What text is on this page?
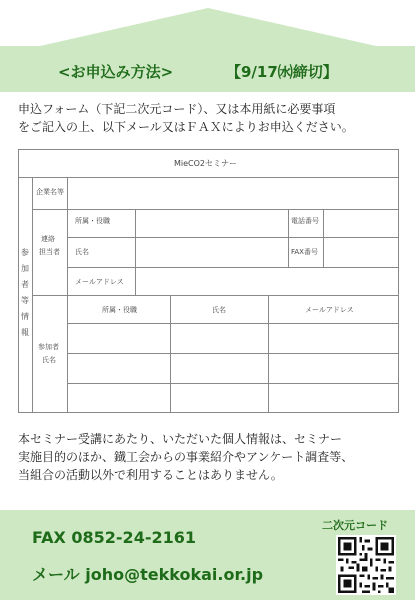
<お申込み方法>	【9/17㈬締切】
申込フォーム（下記二次元コード）、又は本用紙に必要事項
をご記入の上、以下メール又はＦＡＸによりお申込ください。
MieCO2セミナー
参加者等情報
企業名等
連絡
担当者
所属・役職	電話番号
氏名	FAX番号
メールアドレス
参加者
氏名
所属・役職	氏名	メールアドレス
本セミナー受講にあたり、いただいた個人情報は、セミナー
実施目的のほか、鐡工会からの事業紹介やアンケート調査等、
当組合の活動以外で利用することはありません。
FAX 0852-24-2161
メール joho@tekkokai.or.jp
二次元コード
